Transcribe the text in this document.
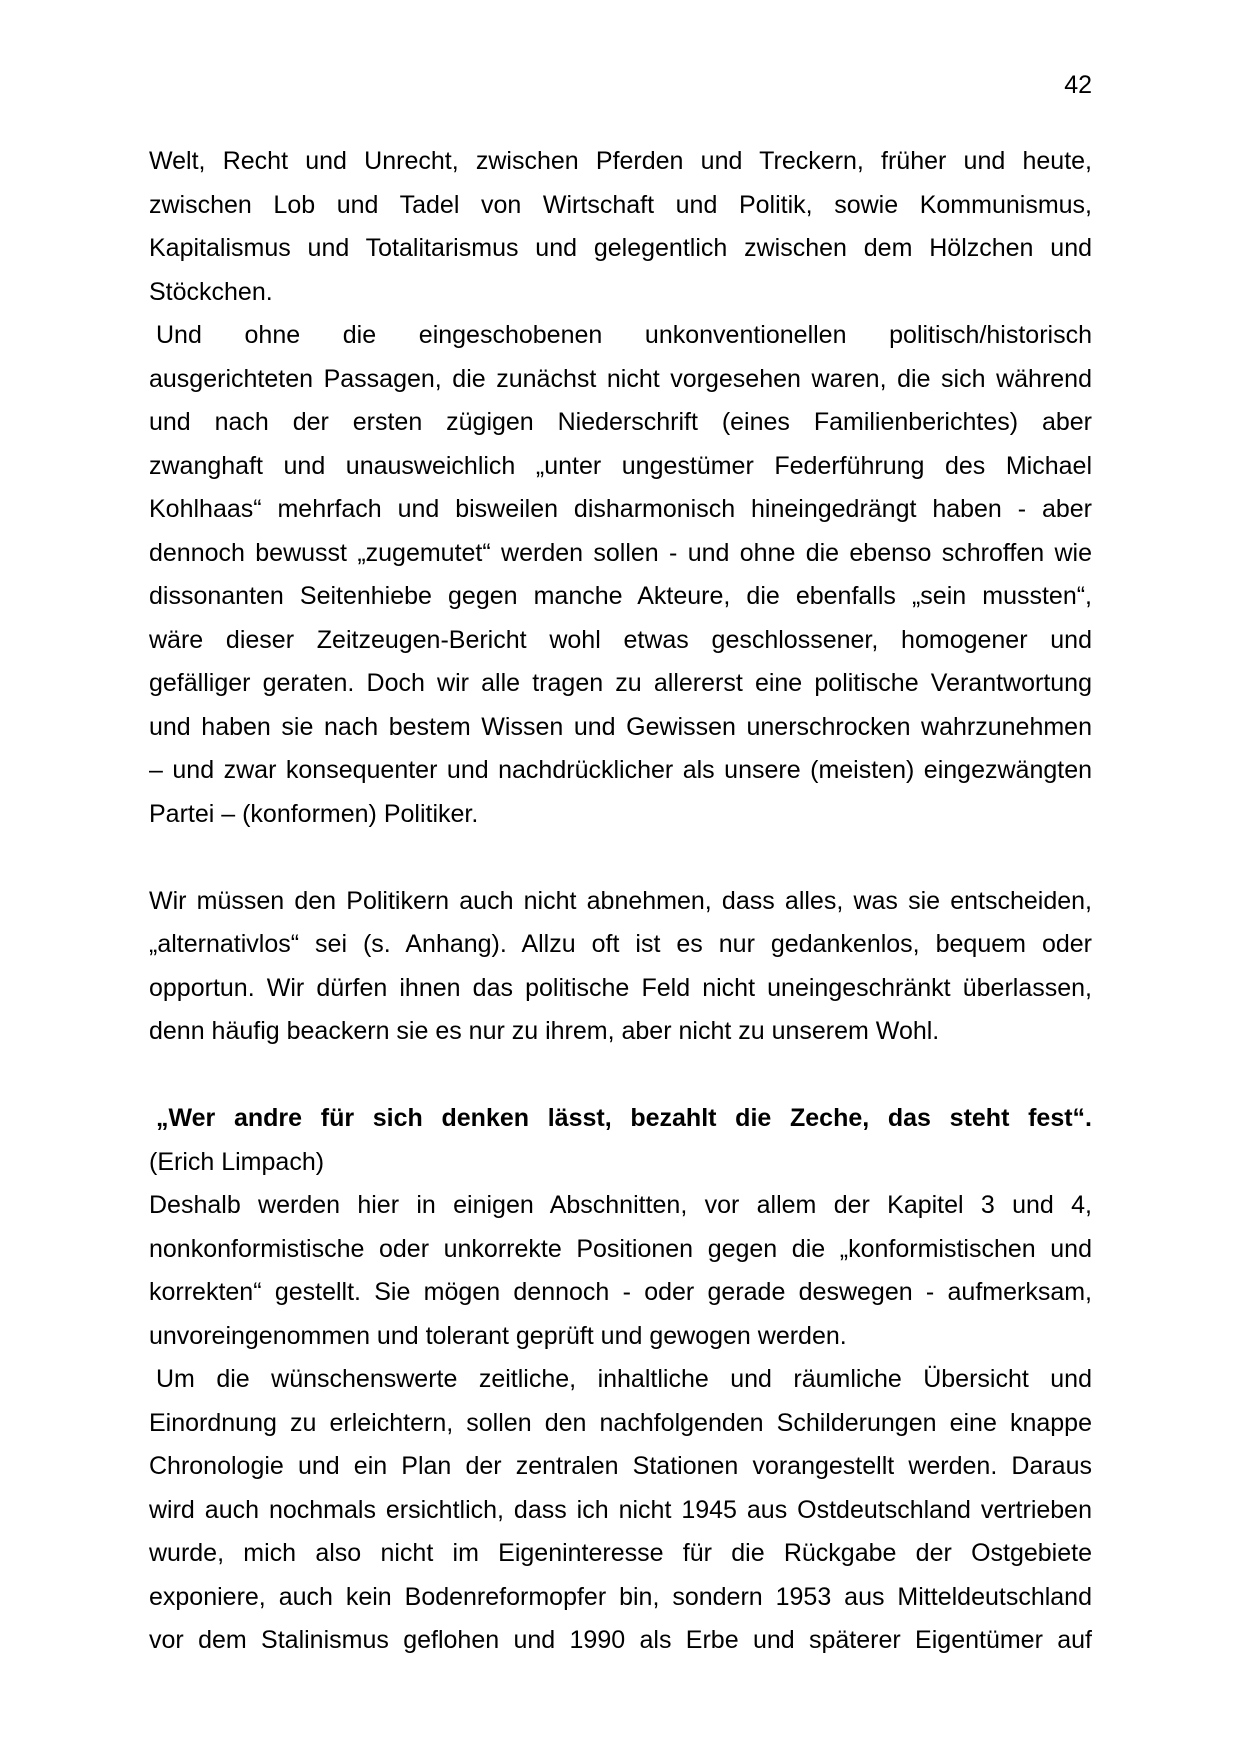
42
Welt, Recht und Unrecht, zwischen Pferden und Treckern, früher und heute,
zwischen Lob und Tadel von Wirtschaft und Politik, sowie Kommunismus,
Kapitalismus und Totalitarismus und gelegentlich zwischen dem Hölzchen und
Stöckchen.
Und ohne die eingeschobenen unkonventionellen politisch/historisch
ausgerichteten Passagen, die zunächst nicht vorgesehen waren, die sich während
und nach der ersten zügigen Niederschrift (eines Familienberichtes) aber
zwanghaft und unausweichlich „unter ungestümer Federführung des Michael
Kohlhaas“ mehrfach und bisweilen disharmonisch hineingedrängt haben - aber
dennoch bewusst „zugemutet“ werden sollen - und ohne die ebenso schroffen wie
dissonanten Seitenhiebe gegen manche Akteure, die ebenfalls „sein mussten“,
wäre dieser Zeitzeugen-Bericht wohl etwas geschlossener, homogener und
gefälliger geraten. Doch wir alle tragen zu allererst eine politische Verantwortung
und haben sie nach bestem Wissen und Gewissen unerschrocken wahrzunehmen
– und zwar konsequenter und nachdrücklicher als unsere (meisten) eingezwängten
Partei – (konformen) Politiker.
Wir müssen den Politikern auch nicht abnehmen, dass alles, was sie entscheiden,
„alternativlos“ sei (s. Anhang). Allzu oft ist es nur gedankenlos, bequem oder
opportun. Wir dürfen ihnen das politische Feld nicht uneingeschränkt überlassen,
denn häufig beackern sie es nur zu ihrem, aber nicht zu unserem Wohl.
„Wer andre für sich denken lässt, bezahlt die Zeche, das steht fest“.
(Erich Limpach)
Deshalb werden hier in einigen Abschnitten, vor allem der Kapitel 3 und 4,
nonkonformistische oder unkorrekte Positionen gegen die „konformistischen und
korrekten“ gestellt. Sie mögen dennoch - oder gerade deswegen - aufmerksam,
unvoreingenommen und tolerant geprüft und gewogen werden.
Um die wünschenswerte zeitliche, inhaltliche und räumliche Übersicht und
Einordnung zu erleichtern, sollen den nachfolgenden Schilderungen eine knappe
Chronologie und ein Plan der zentralen Stationen vorangestellt werden. Daraus
wird auch nochmals ersichtlich, dass ich nicht 1945 aus Ostdeutschland vertrieben
wurde, mich also nicht im Eigeninteresse für die Rückgabe der Ostgebiete
exponiere, auch kein Bodenreformopfer bin, sondern 1953 aus Mitteldeutschland
vor dem Stalinismus geflohen und 1990 als Erbe und späterer Eigentümer auf
